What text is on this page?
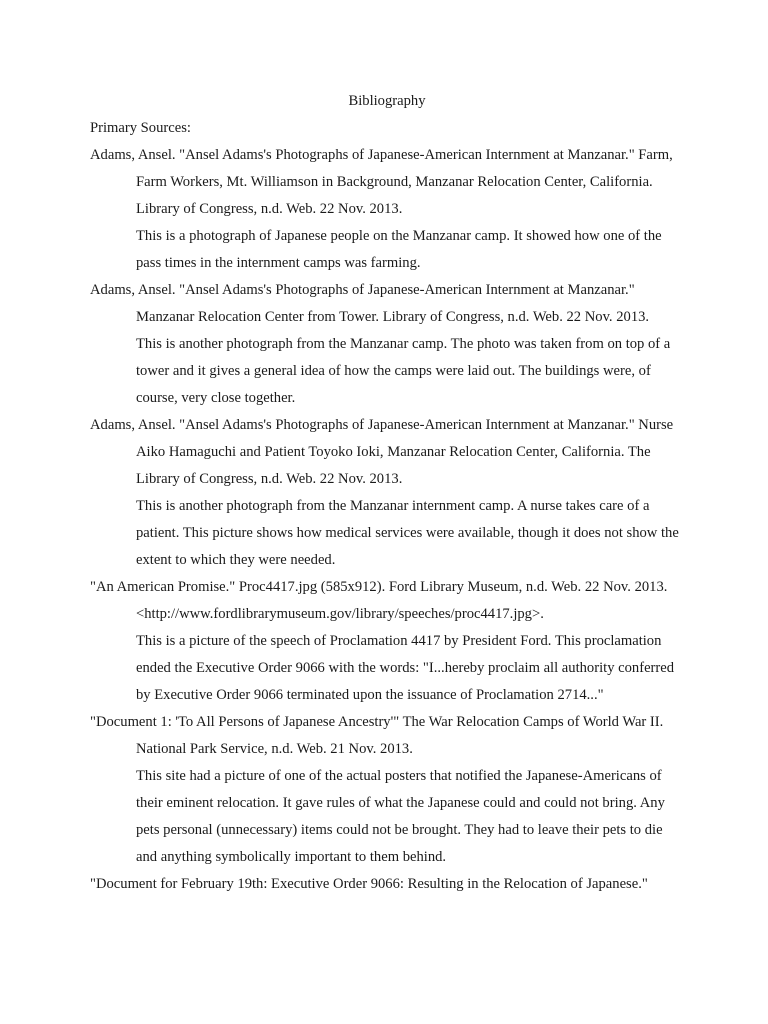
Bibliography

Primary Sources:

Adams, Ansel. "Ansel Adams's Photographs of Japanese-American Internment at Manzanar." Farm, Farm Workers, Mt. Williamson in Background, Manzanar Relocation Center, California. Library of Congress, n.d. Web. 22 Nov. 2013.

This is a photograph of Japanese people on the Manzanar camp. It showed how one of the pass times in the internment camps was farming.

Adams, Ansel. "Ansel Adams's Photographs of Japanese-American Internment at Manzanar." Manzanar Relocation Center from Tower. Library of Congress, n.d. Web. 22 Nov. 2013.

This is another photograph from the Manzanar camp. The photo was taken from on top of a tower and it gives a general idea of how the camps were laid out. The buildings were, of course, very close together.

Adams, Ansel. "Ansel Adams's Photographs of Japanese-American Internment at Manzanar." Nurse Aiko Hamaguchi and Patient Toyoko Ioki, Manzanar Relocation Center, California. The Library of Congress, n.d. Web. 22 Nov. 2013.

This is another photograph from the Manzanar internment camp. A nurse takes care of a patient. This picture shows how medical services were available, though it does not show the extent to which they were needed.

"An American Promise." Proc4417.jpg (585x912). Ford Library Museum, n.d. Web. 22 Nov. 2013. <http://www.fordlibrarymuseum.gov/library/speeches/proc4417.jpg>.

This is a picture of the speech of Proclamation 4417 by President Ford. This proclamation ended the Executive Order 9066 with the words: "I...hereby proclaim all authority conferred by Executive Order 9066 terminated upon the issuance of Proclamation 2714..."

"Document 1: 'To All Persons of Japanese Ancestry'" The War Relocation Camps of World War II. National Park Service, n.d. Web. 21 Nov. 2013.

This site had a picture of one of the actual posters that notified the Japanese-Americans of their eminent relocation. It gave rules of what the Japanese could and could not bring. Any pets personal (unnecessary) items could not be brought. They had to leave their pets to die and anything symbolically important to them behind.

"Document for February 19th: Executive Order 9066: Resulting in the Relocation of Japanese."
